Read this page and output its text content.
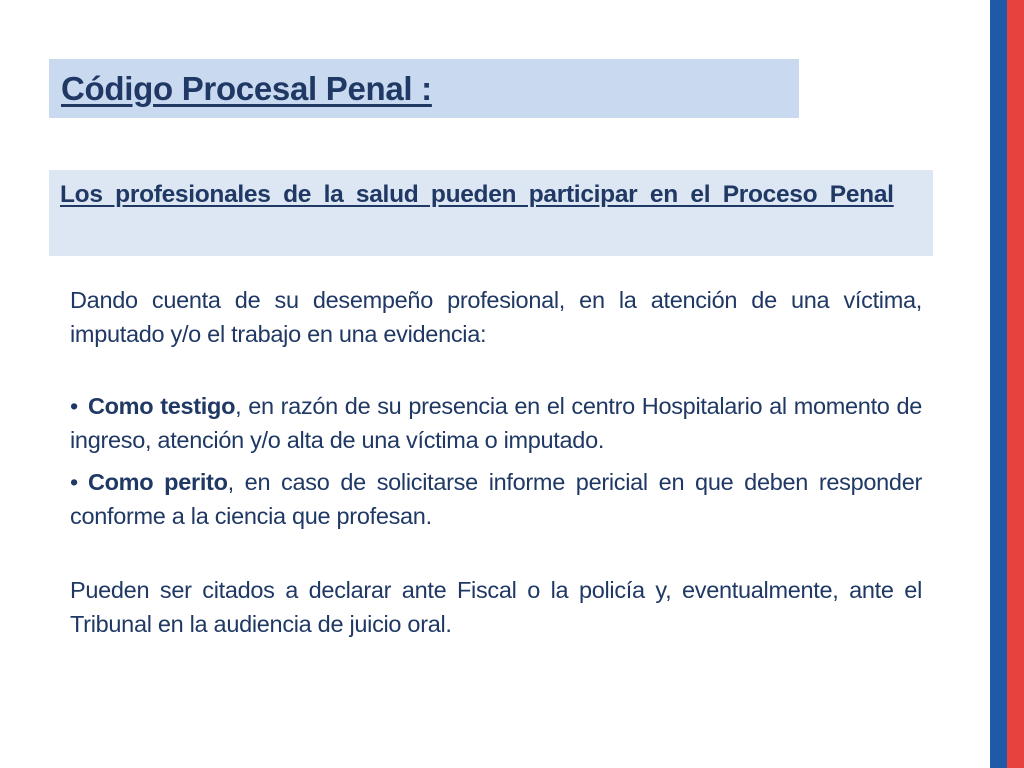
Código Procesal Penal :
Los profesionales de la salud pueden participar en el Proceso Penal

Dando cuenta de su desempeño profesional, en la atención de una víctima, imputado y/o el trabajo en una evidencia:

• Como testigo, en razón de su presencia en el centro Hospitalario al momento de ingreso, atención y/o alta de una víctima o imputado.

• Como perito, en caso de solicitarse informe pericial en que deben responder conforme a la ciencia que profesan.

Pueden ser citados a declarar ante Fiscal o la policía y, eventualmente, ante el Tribunal en la audiencia de juicio oral.
